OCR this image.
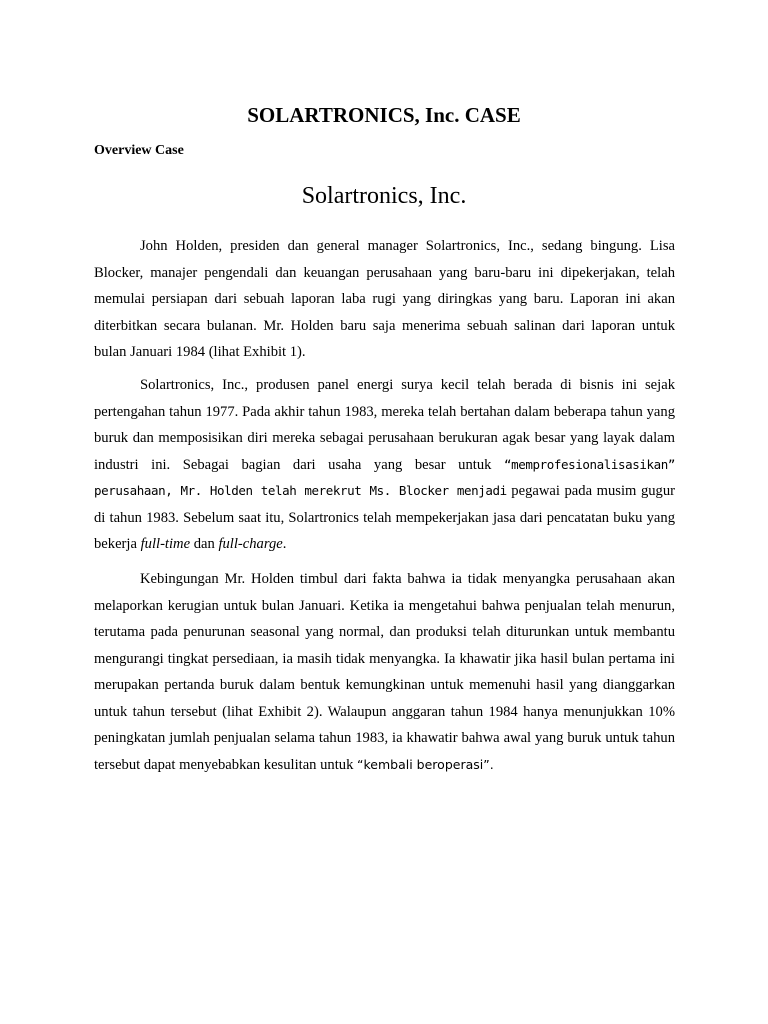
SOLARTRONICS, Inc. CASE

Overview Case

Solartronics, Inc.

John Holden, presiden dan general manager Solartronics, Inc., sedang bingung. Lisa Blocker, manajer pengendali dan keuangan perusahaan yang baru-baru ini dipekerjakan, telah memulai persiapan dari sebuah laporan laba rugi yang diringkas yang baru. Laporan ini akan diterbitkan secara bulanan. Mr. Holden baru saja menerima sebuah salinan dari laporan untuk bulan Januari 1984 (lihat Exhibit 1).

Solartronics, Inc., produsen panel energi surya kecil telah berada di bisnis ini sejak pertengahan tahun 1977. Pada akhir tahun 1983, mereka telah bertahan dalam beberapa tahun yang buruk dan memposisikan diri mereka sebagai perusahaan berukuran agak besar yang layak dalam industri ini. Sebagai bagian dari usaha yang besar untuk “memprofesionalisasikan” perusahaan, Mr. Holden telah merekrut Ms. Blocker menjadi pegawai pada musim gugur di tahun 1983. Sebelum saat itu, Solartronics telah mempekerjakan jasa dari pencatatan buku yang bekerja full-time dan full-charge.

Kebingungan Mr. Holden timbul dari fakta bahwa ia tidak menyangka perusahaan akan melaporkan kerugian untuk bulan Januari. Ketika ia mengetahui bahwa penjualan telah menurun, terutama pada penurunan seasonal yang normal, dan produksi telah diturunkan untuk membantu mengurangi tingkat persediaan, ia masih tidak menyangka. Ia khawatir jika hasil bulan pertama ini merupakan pertanda buruk dalam bentuk kemungkinan untuk memenuhi hasil yang dianggarkan untuk tahun tersebut (lihat Exhibit 2). Walaupun anggaran tahun 1984 hanya menunjukkan 10% peningkatan jumlah penjualan selama tahun 1983, ia khawatir bahwa awal yang buruk untuk tahun tersebut dapat menyebabkan kesulitan untuk “kembali beroperasi”.
